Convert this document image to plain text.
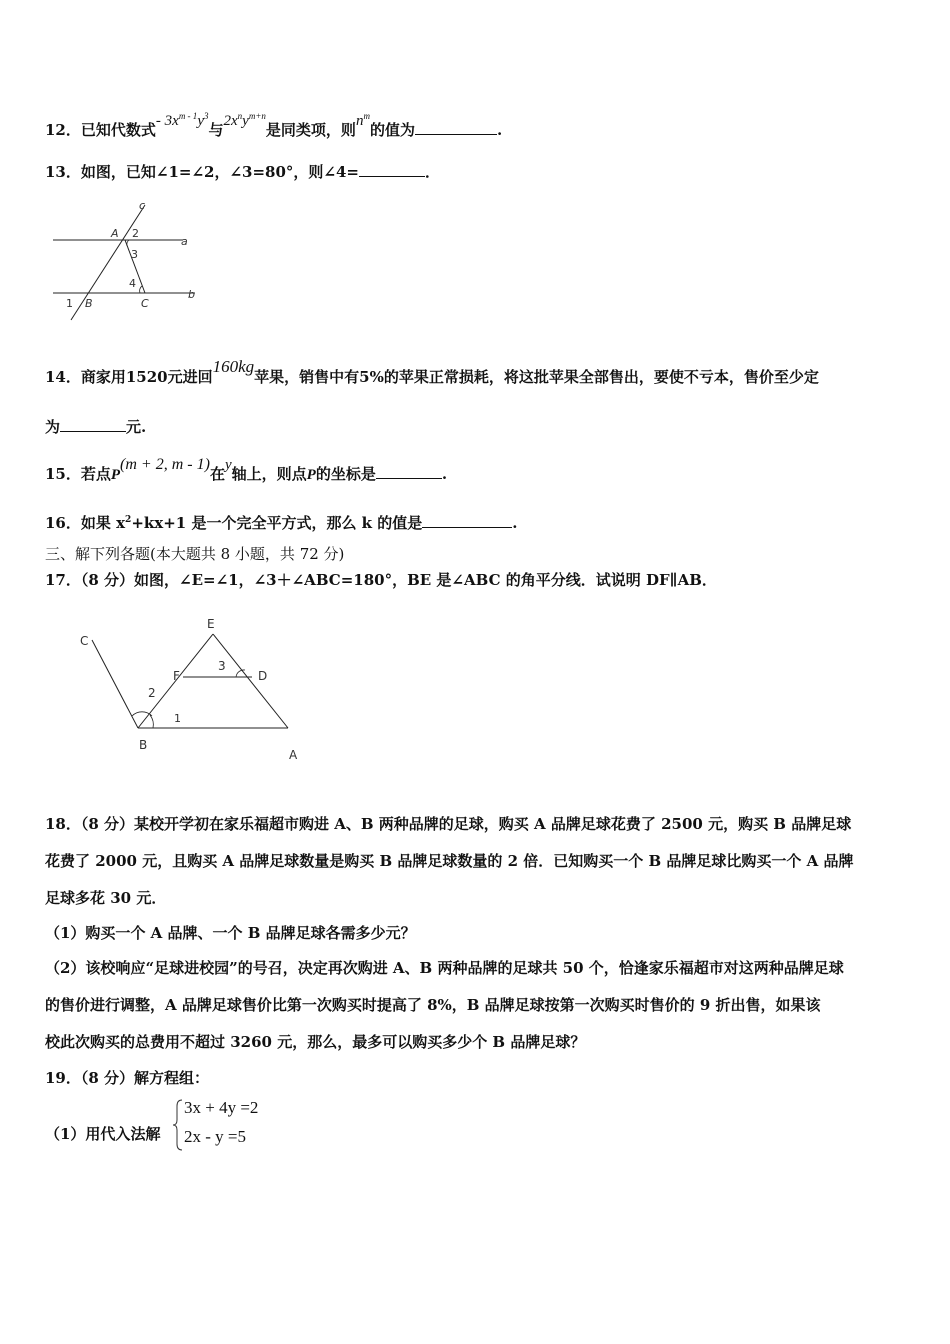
12．已知代数式- $3x^{m - 1}y^3$与$2x^ny^{m+n}$是同类项，则$n^m$的值为	.
13．如图，已知∠1=∠2，∠3=80°，则∠4=	．
c
A 2
3
4
a
b
1 B	C
14．商家用1520元进回160kg苹果，销售中有5%的苹果正常损耗，将这批苹果全部售出，要使不亏本，售价至少定
为	元.
15．若点P(m + 2, m - 1)在y轴上，则点P的坐标是	.
16．如果 $x^2+kx+1$ 是一个完全平方式，那么 k 的值是	.
三、解下列各题(本大题共 8 小题，共 72 分)
17．（8 分）如图，∠E=∠1，∠3＋∠ABC=180°，BE 是∠ABC 的角平分线．试说明 DF∥AB．
C
E
F	D
3
2
1
B
A
18．（8 分）某校开学初在家乐福超市购进 A、B 两种品牌的足球，购买 A 品牌足球花费了 2500 元，购买 B 品牌足球
花费了 2000 元，且购买 A 品牌足球数量是购买 B 品牌足球数量的 2 倍．已知购买一个 B 品牌足球比购买一个 A 品牌
足球多花 30 元．
（1）购买一个 A 品牌、一个 B 品牌足球各需多少元？
（2）该校响应“足球进校园”的号召，决定再次购进 A、B 两种品牌的足球共 50 个，恰逢家乐福超市对这两种品牌足球
的售价进行调整，A 品牌足球售价比第一次购买时提高了 8%，B 品牌足球按第一次购买时售价的 9 折出售，如果该
校此次购买的总费用不超过 3260 元，那么，最多可以购买多少个 B 品牌足球？
19．（8 分）解方程组：
（1）用代入法解
3x + 4y =2
2x - y =5
